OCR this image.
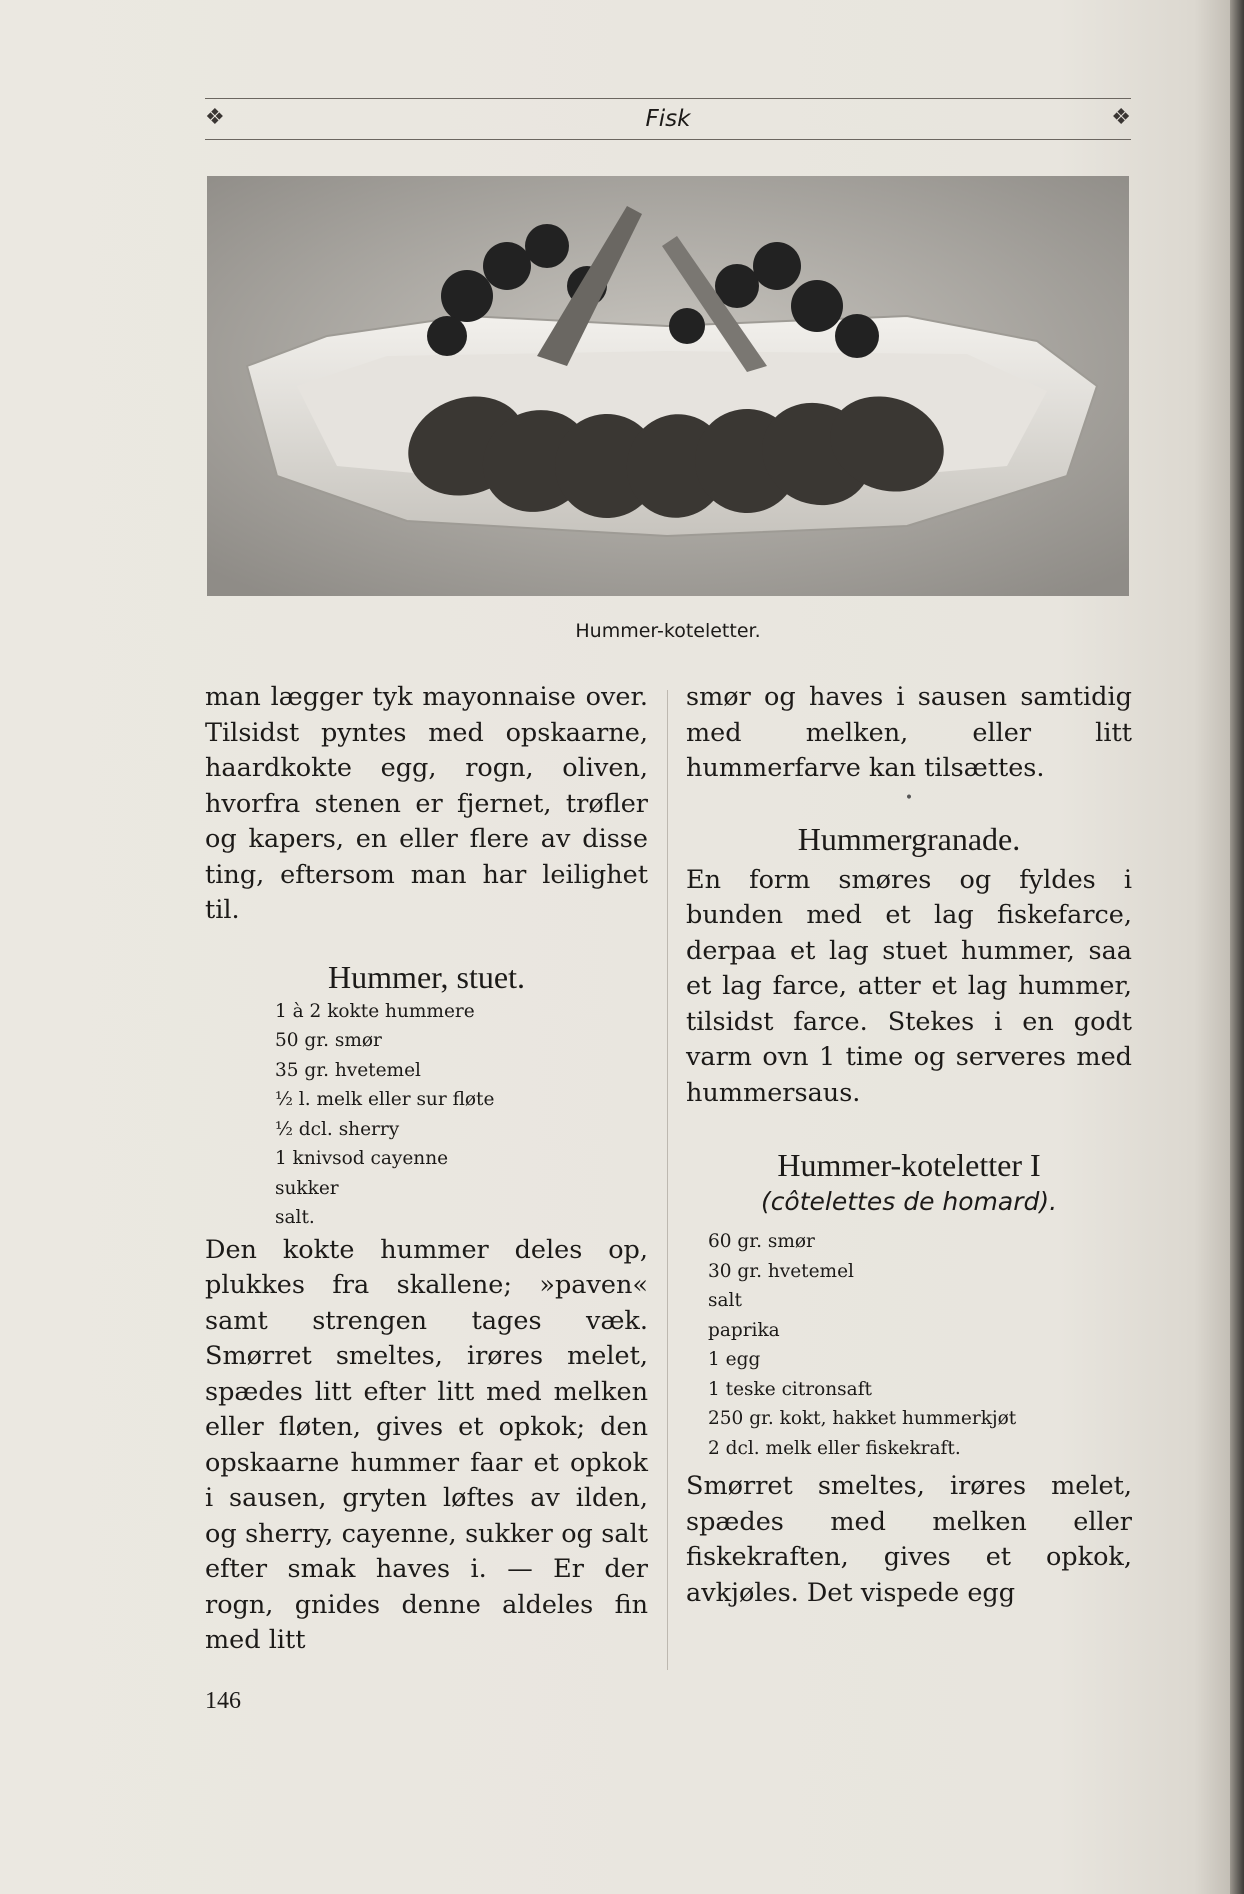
❖	Fisk	❖
Hummer-koteletter.

man lægger tyk mayonnaise over. Tilsidst pyntes med opskaarne, haardkokte egg, rogn, oliven, hvorfra stenen er fjernet, trøfler og kapers, en eller flere av disse ting, eftersom man har leilighet til.

Hummer, stuet.
1 à 2 kokte hummere
50 gr. smør
35 gr. hvetemel
½ l. melk eller sur fløte
½ dcl. sherry
1 knivsod cayenne
sukker
salt.

Den kokte hummer deles op, plukkes fra skallene; »paven« samt strengen tages væk. Smørret smeltes, irøres melet, spædes litt efter litt med melken eller fløten, gives et opkok; den opskaarne hummer faar et opkok i sausen, gryten løftes av ilden, og sherry, cayenne, sukker og salt efter smak haves i. — Er der rogn, gnides denne aldeles fin med litt

smør og haves i sausen samtidig med melken, eller litt hummerfarve kan tilsættes.

•
Hummergranade.

En form smøres og fyldes i bunden med et lag fiskefarce, derpaa et lag stuet hummer, saa et lag farce, atter et lag hummer, tilsidst farce. Stekes i en godt varm ovn 1 time og serveres med hummersaus.

Hummer-koteletter I
(côtelettes de homard).
60 gr. smør
30 gr. hvetemel
salt
paprika
1 egg
1 teske citronsaft
250 gr. kokt, hakket hummerkjøt
2 dcl. melk eller fiskekraft.

Smørret smeltes, irøres melet, spædes med melken eller fiskekraften, gives et opkok, avkjøles. Det vispede egg

146
